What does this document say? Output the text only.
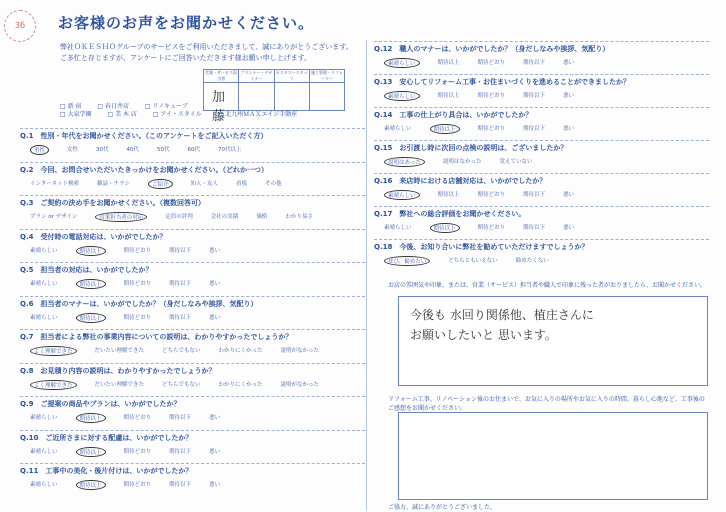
3б	お客様のお声をお聞かせください。
弊社ＯＫＥＳＨＯグループのサービスをご利用いただきまして、誠にありがとうございます。
ご多忙と存じますが、アンケートにご回答いただきます様お願い申し上げます。
営業・サービス担当者
加 藤
プランナー・デザイナー
カスタマースタッフ
施工管理・リフォーマー
□ 新 宿	□ 春日井店	□ リノキューブ
□ 大泉学園	□ 美 木 店	□ アイ・スタイル	□ 北九州ＭＡＸエイジ手動産
Q.1　性別・年代をお聞かせください。（このアンケートをご記入いただく方）
男性	女性	30代	40代	50代	60代	70代以上
Q.2　今回、お問合せいただいたきっかけをお聞かせください。（どれか一つ）
インターネット検索	雑誌・チラシ	ご紹介	知人・友人	看板	その他
Q.3　ご契約の決め手をお聞かせください。（複数回答可）
プラン or デザイン	営業担当者の対応	定員の評判	会社の実績	価格	わかり易さ
Q.4　受付時の電話対応は、いかがでしたか？
素晴らしい	期待以上	期待どおり	期待以下	悪い
Q.5　担当者の対応は、いかがでしたか？
素晴らしい	期待以上	期待どおり	期待以下	悪い
Q.6　担当者のマナーは、いかがでしたか？（身だしなみや挨拶、気配り）
素晴らしい	期待以上	期待どおり	期待以下	悪い
Q.7　担当者による弊社の事業内容についての説明は、わかりやすかったでしょうか？
よく理解できた	だいたい理解できた	どちらでもない	わかりにくかった	説明がなかった
Q.8　お見積り内容の説明は、わかりやすかったでしょうか？
よく理解できた	だいたい理解できた	どちらでもない	わかりにくかった	説明がなかった
Q.9　ご提案の商品やプランは、いかがでしたか？
素晴らしい	期待以上	期待どおり	期待以下	悪い
Q.10　ご近所さまに対する配慮は、いかがでしたか？
素晴らしい	期待以上	期待どおり	期待以下	悪い
Q.11　工事中の美化・後片付けは、いかがでしたか？
素晴らしい	期待以上	期待どおり	期待以下	悪い
Q.12　職人のマナーは、いかがでしたか？（身だしなみや挨拶、気配り）
素晴らしい	期待以上	期待どおり	期待以下	悪い
Q.13　安心してリフォーム工事・お住まいづくりを進めることができましたか？
素晴らしい	期待以上	期待どおり	期待以下	悪い
Q.14　工事の仕上がり具合は、いかがでしたか？
素晴らしい	期待以上	期待どおり	期待以下	悪い
Q.15　お引渡し時に次回の点検の説明は、ございましたか？
説明はあった	説明はなかった	覚えていない
Q.16　来店時における店舗対応は、いかがでしたか？
素晴らしい	期待以上	期待どおり	期待以下	悪い
Q.17　弊社への総合評価をお聞かせください。
素晴らしい	期待以上	期待どおり	期待以下	悪い
Q.18　今後、お知り合いに弊社を勧めていただけますでしょうか？
ぜひ、勧めたい	どちらともいえない	勧めたくない
お店の雰囲気や印象、または、営業（サービス）担当者や職人で印象に残った者がおりましたら、お聞かせください。
今後も 水回り関係他、植庄さんに
お願いしたいと 思います。
リフォーム工事、リノベーション後のお住まいで、お気に入りの場所やお気に入りの時間、暮らし心地など、工事後のご感想をお聞かせください。
ご協力、誠にありがとうございました。
